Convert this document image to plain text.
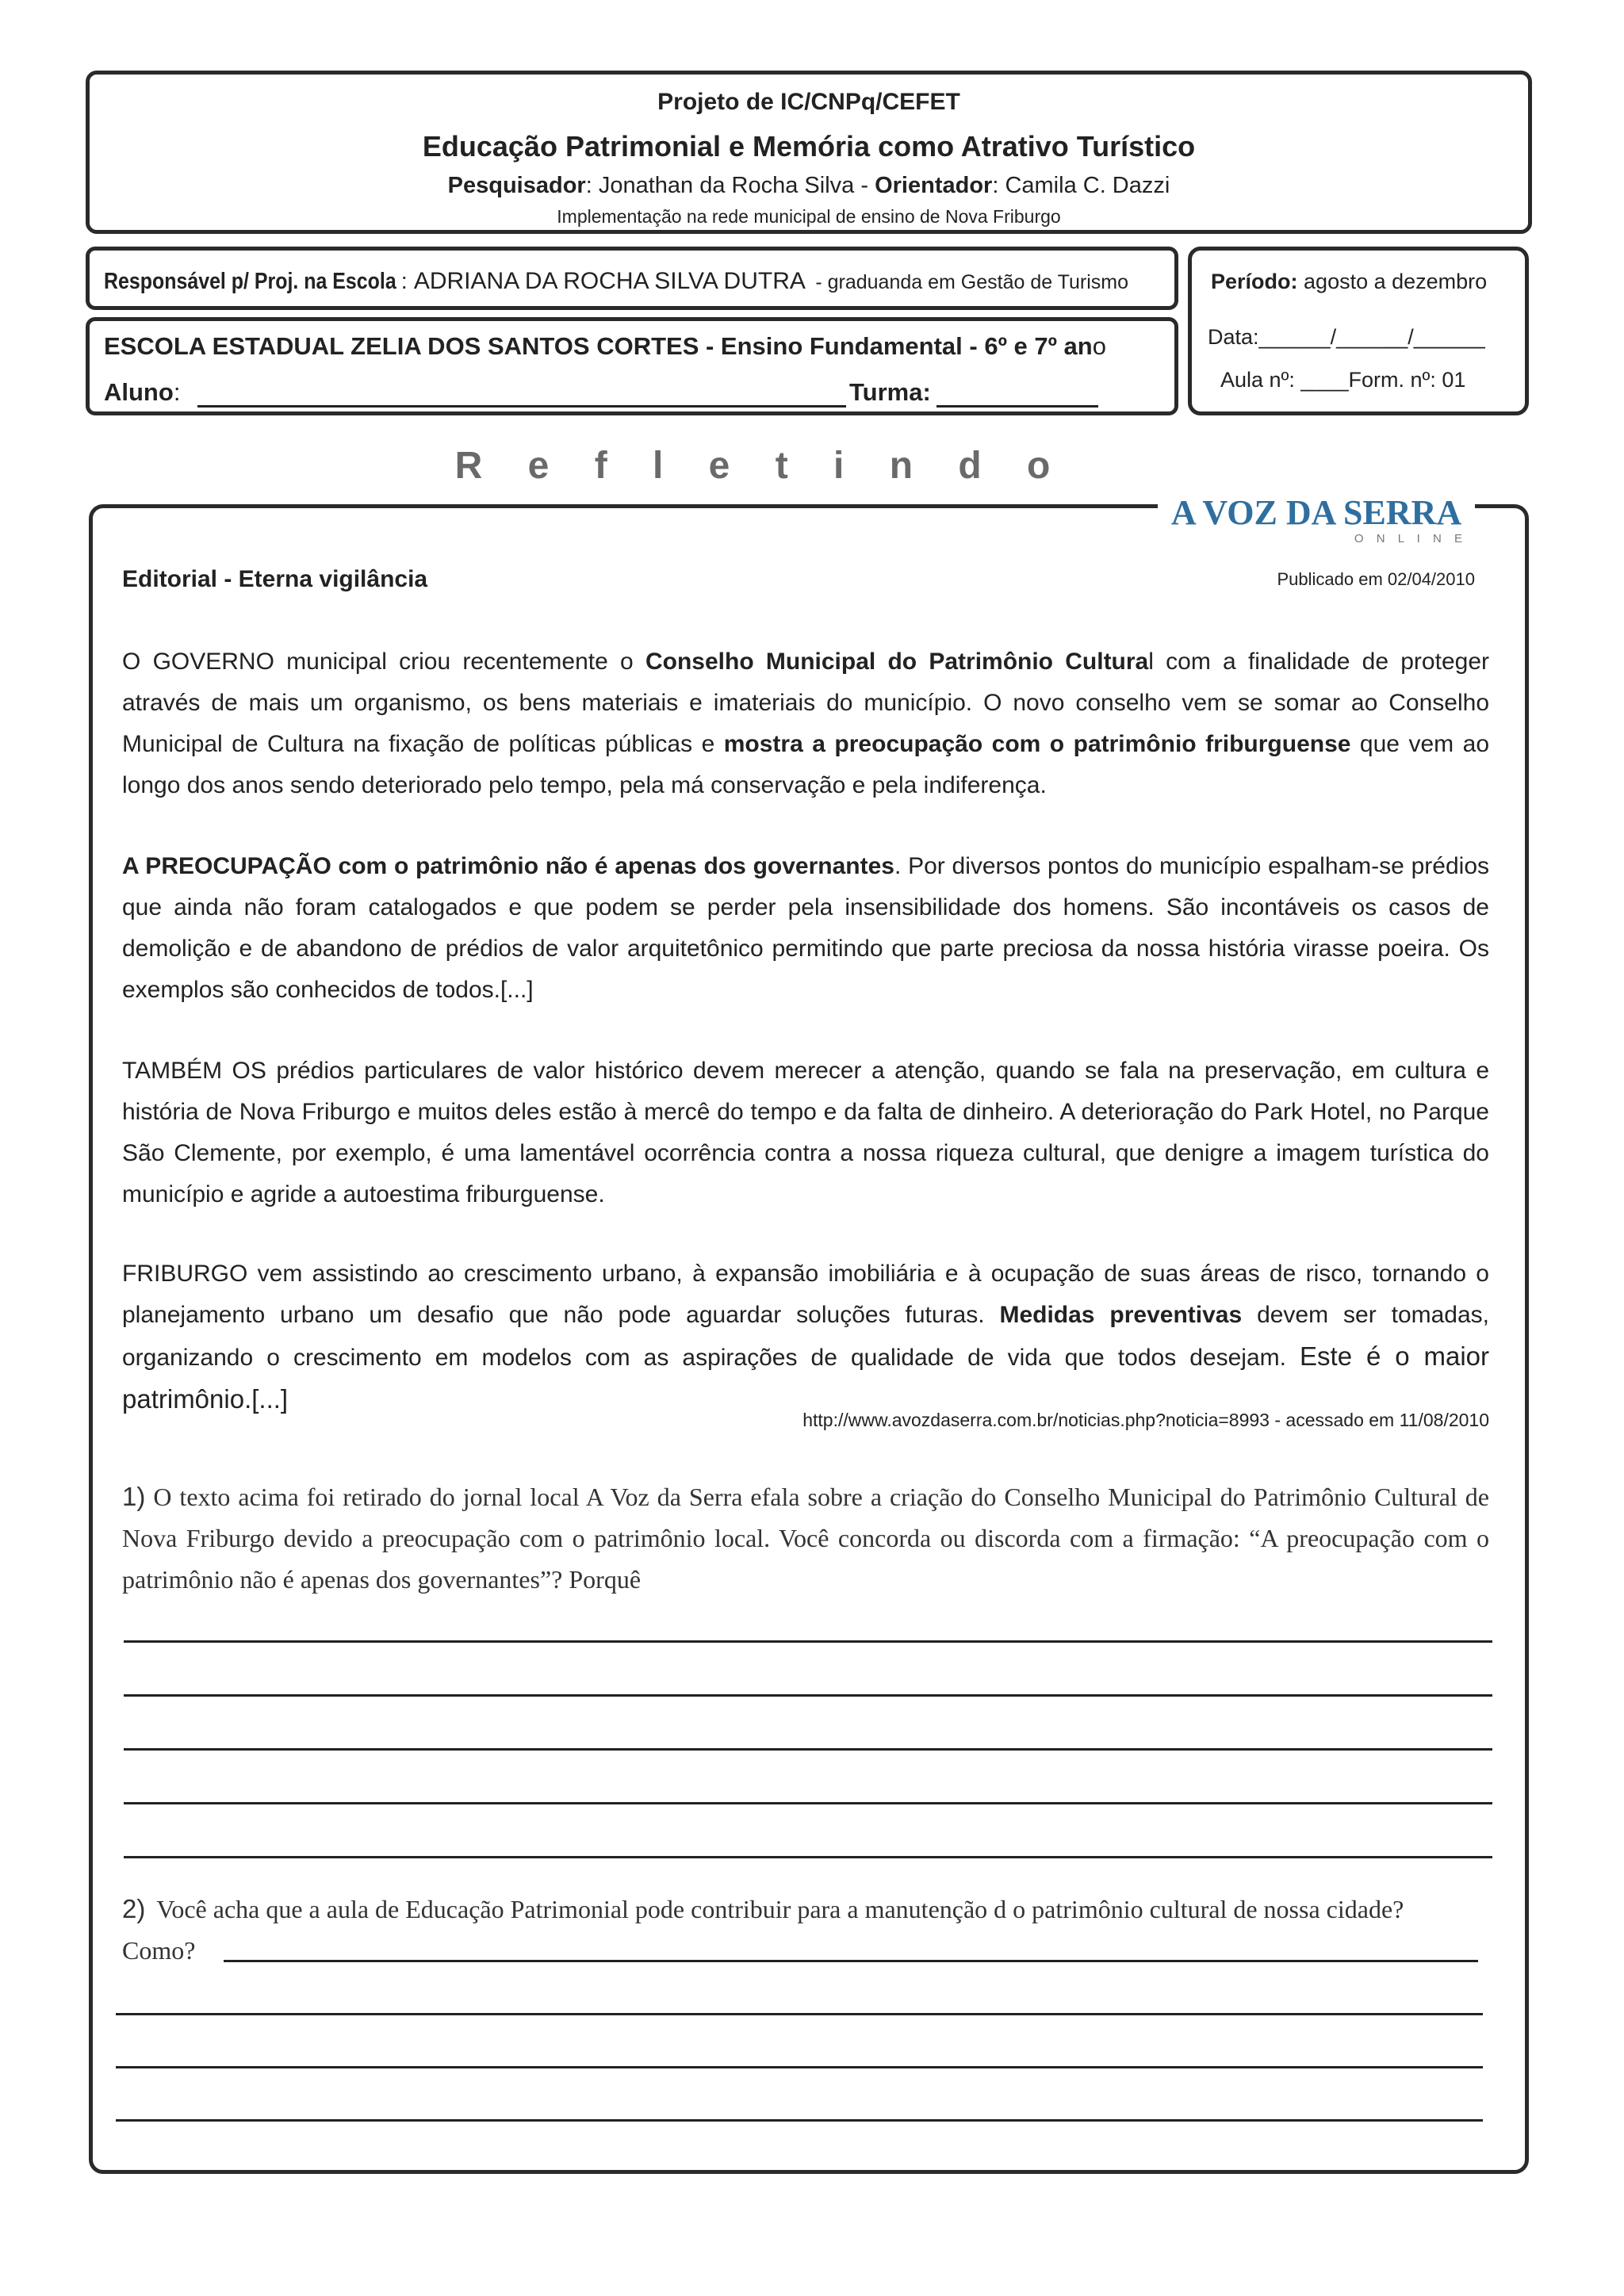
Projeto de IC/CNPq/CEFET
Educação Patrimonial e Memória como Atrativo Turístico
Pesquisador: Jonathan da Rocha Silva - Orientador: Camila C. Dazzi
Implementação na rede municipal de ensino de Nova Friburgo
Responsável p/ Proj. na Escola : ADRIANA DA ROCHA SILVA DUTRA - graduanda em Gestão de Turismo
ESCOLA ESTADUAL ZELIA DOS SANTOS CORTES - Ensino Fundamental - 6º e 7º ano
Aluno:	Turma:
Período: agosto a dezembro
Data:______/______/______
Aula nº: ____Form. nº: 01
R e f l e t i n d o
A VOZ DA SERRA
O N L I N E
Editorial - Eterna vigilância	Publicado em 02/04/2010
O GOVERNO municipal criou recentemente o Conselho Municipal do Patrimônio Cultural com a finalidade de proteger através de mais um organismo, os bens materiais e imateriais do município. O novo conselho vem se somar ao Conselho Municipal de Cultura na fixação de políticas públicas e mostra a preocupação com o patrimônio friburguense que vem ao longo dos anos sendo deteriorado pelo tempo, pela má conservação e pela indiferença.
A PREOCUPAÇÃO com o patrimônio não é apenas dos governantes. Por diversos pontos do município espalham-se prédios que ainda não foram catalogados e que podem se perder pela insensibilidade dos homens. São incontáveis os casos de demolição e de abandono de prédios de valor arquitetônico permitindo que parte preciosa da nossa história virasse poeira. Os exemplos são conhecidos de todos.[...]
TAMBÉM OS prédios particulares de valor histórico devem merecer a atenção, quando se fala na preservação, em cultura e história de Nova Friburgo e muitos deles estão à mercê do tempo e da falta de dinheiro. A deterioração do Park Hotel, no Parque São Clemente, por exemplo, é uma lamentável ocorrência contra a nossa riqueza cultural, que denigre a imagem turística do município e agride a autoestima friburguense.
FRIBURGO vem assistindo ao crescimento urbano, à expansão imobiliária e à ocupação de suas áreas de risco, tornando o planejamento urbano um desafio que não pode aguardar soluções futuras. Medidas preventivas devem ser tomadas, organizando o crescimento em modelos com as aspirações de qualidade de vida que todos desejam. Este é o maior patrimônio.[...]
http://www.avozdaserra.com.br/noticias.php?noticia=8993 - acessado em 11/08/2010
1) O texto acima foi retirado do jornal local A Voz da Serra efala sobre a criação do Conselho Municipal do Patrimônio Cultural de Nova Friburgo devido a preocupação com o patrimônio local. Você concorda ou discorda com a firmação: “A preocupação com o patrimônio não é apenas dos governantes”? Porquê
2) Você acha que a aula de Educação Patrimonial pode contribuir para a manutenção d o patrimônio cultural de nossa cidade?
Como?
